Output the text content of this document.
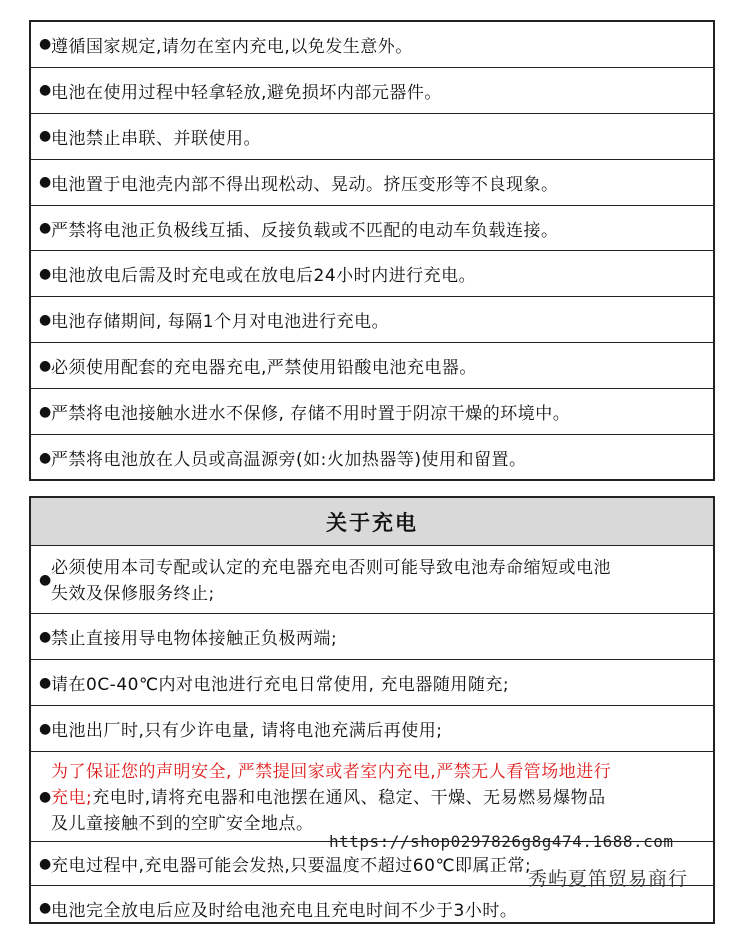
● 遵循国家规定,请勿在室内充电,以免发生意外。
● 电池在使用过程中轻拿轻放,避免损坏内部元器件。
● 电池禁止串联、并联使用。
● 电池置于电池壳内部不得出现松动、晃动。挤压变形等不良现象。
● 严禁将电池正负极线互插、反接负载或不匹配的电动车负载连接。
● 电池放电后需及时充电或在放电后24小时内进行充电。
● 电池存储期间, 每隔1个月对电池进行充电。
● 必须使用配套的充电器充电,严禁使用铅酸电池充电器。
● 严禁将电池接触水进水不保修, 存储不用时置于阴凉干燥的环境中。
● 严禁将电池放在人员或高温源旁(如:火加热器等)使用和留置。
关于充电
●
必须使用本司专配或认定的充电器充电否则可能导致电池寿命缩短或电池
失效及保修服务终止;
● 禁止直接用导电物体接触正负极两端;
● 请在0C-40℃内对电池进行充电日常使用, 充电器随用随充;
● 电池出厂时,只有少许电量, 请将电池充满后再使用;
●
为了保证您的声明安全, 严禁提回家或者室内充电,严禁无人看管场地进行
充电;充电时,请将充电器和电池摆在通风、稳定、干燥、无易燃易爆物品
及儿童接触不到的空旷安全地点。
● 充电过程中,充电器可能会发热,只要温度不超过60℃即属正常;
● 电池完全放电后应及时给电池充电且充电时间不少于3小时。
https://shop0297826g8g474.1688.com
秀屿夏笛贸易商行
